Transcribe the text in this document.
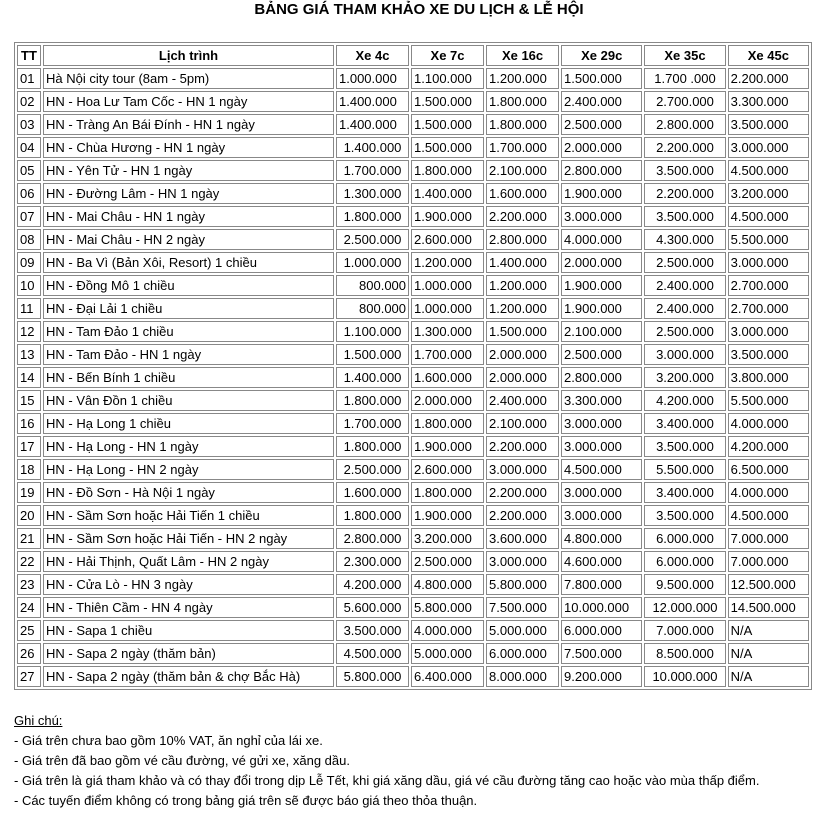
BẢNG GIÁ THAM KHẢO XE DU LỊCH & LỄ HỘI
TT	Lịch trình	Xe 4c	Xe 7c	Xe 16c	Xe 29c	Xe 35c	Xe 45c
01	Hà Nội city tour (8am - 5pm)	1.000.000	1.100.000	1.200.000	1.500.000	1.700 .000	2.200.000
02	HN - Hoa Lư Tam Cốc - HN 1 ngày	1.400.000	1.500.000	1.800.000	2.400.000	2.700.000	3.300.000
03	HN - Tràng An Bái Đính - HN 1 ngày	1.400.000	1.500.000	1.800.000	2.500.000	2.800.000	3.500.000
04	HN - Chùa Hương - HN 1 ngày	1.400.000	1.500.000	1.700.000	2.000.000	2.200.000	3.000.000
05	HN - Yên Tử - HN 1 ngày	1.700.000	1.800.000	2.100.000	2.800.000	3.500.000	4.500.000
06	HN - Đường Lâm - HN 1 ngày	1.300.000	1.400.000	1.600.000	1.900.000	2.200.000	3.200.000
07	HN - Mai Châu - HN 1 ngày	1.800.000	1.900.000	2.200.000	3.000.000	3.500.000	4.500.000
08	HN - Mai Châu - HN 2 ngày	2.500.000	2.600.000	2.800.000	4.000.000	4.300.000	5.500.000
09	HN - Ba Vì (Bản Xôi, Resort) 1 chiều	1.000.000	1.200.000	1.400.000	2.000.000	2.500.000	3.000.000
10	HN - Đồng Mô 1 chiều	800.000	1.000.000	1.200.000	1.900.000	2.400.000	2.700.000
11	HN - Đại Lải 1 chiều	800.000	1.000.000	1.200.000	1.900.000	2.400.000	2.700.000
12	HN - Tam Đảo 1 chiều	1.100.000	1.300.000	1.500.000	2.100.000	2.500.000	3.000.000
13	HN - Tam Đảo - HN 1 ngày	1.500.000	1.700.000	2.000.000	2.500.000	3.000.000	3.500.000
14	HN - Bến Bính 1 chiều	1.400.000	1.600.000	2.000.000	2.800.000	3.200.000	3.800.000
15	HN - Vân Đồn 1 chiều	1.800.000	2.000.000	2.400.000	3.300.000	4.200.000	5.500.000
16	HN - Hạ Long 1 chiều	1.700.000	1.800.000	2.100.000	3.000.000	3.400.000	4.000.000
17	HN - Hạ Long - HN 1 ngày	1.800.000	1.900.000	2.200.000	3.000.000	3.500.000	4.200.000
18	HN - Hạ Long - HN 2 ngày	2.500.000	2.600.000	3.000.000	4.500.000	5.500.000	6.500.000
19	HN - Đồ Sơn - Hà Nội 1 ngày	1.600.000	1.800.000	2.200.000	3.000.000	3.400.000	4.000.000
20	HN - Sầm Sơn hoặc Hải Tiến 1 chiều	1.800.000	1.900.000	2.200.000	3.000.000	3.500.000	4.500.000
21	HN - Sầm Sơn hoặc Hải Tiến - HN 2 ngày	2.800.000	3.200.000	3.600.000	4.800.000	6.000.000	7.000.000
22	HN - Hải Thịnh, Quất Lâm - HN 2 ngày	2.300.000	2.500.000	3.000.000	4.600.000	6.000.000	7.000.000
23	HN - Cửa Lò - HN 3 ngày	4.200.000	4.800.000	5.800.000	7.800.000	9.500.000	12.500.000
24	HN - Thiên Cầm - HN 4 ngày	5.600.000	5.800.000	7.500.000	10.000.000	12.000.000	14.500.000
25	HN - Sapa 1 chiều	3.500.000	4.000.000	5.000.000	6.000.000	7.000.000	N/A
26	HN - Sapa 2 ngày (thăm bản)	4.500.000	5.000.000	6.000.000	7.500.000	8.500.000	N/A
27	HN - Sapa 2 ngày (thăm bản & chợ Bắc Hà)	5.800.000	6.400.000	8.000.000	9.200.000	10.000.000	N/A
Ghi chú:
- Giá trên chưa bao gồm 10% VAT, ăn nghỉ của lái xe.
- Giá trên đã bao gồm vé cầu đường, vé gửi xe, xăng dầu.
- Giá trên là giá tham khảo và có thay đổi trong dịp Lễ Tết, khi giá xăng dầu, giá vé cầu đường tăng cao hoặc vào mùa thấp điểm.
- Các tuyến điểm không có trong bảng giá trên sẽ được báo giá theo thỏa thuận.
